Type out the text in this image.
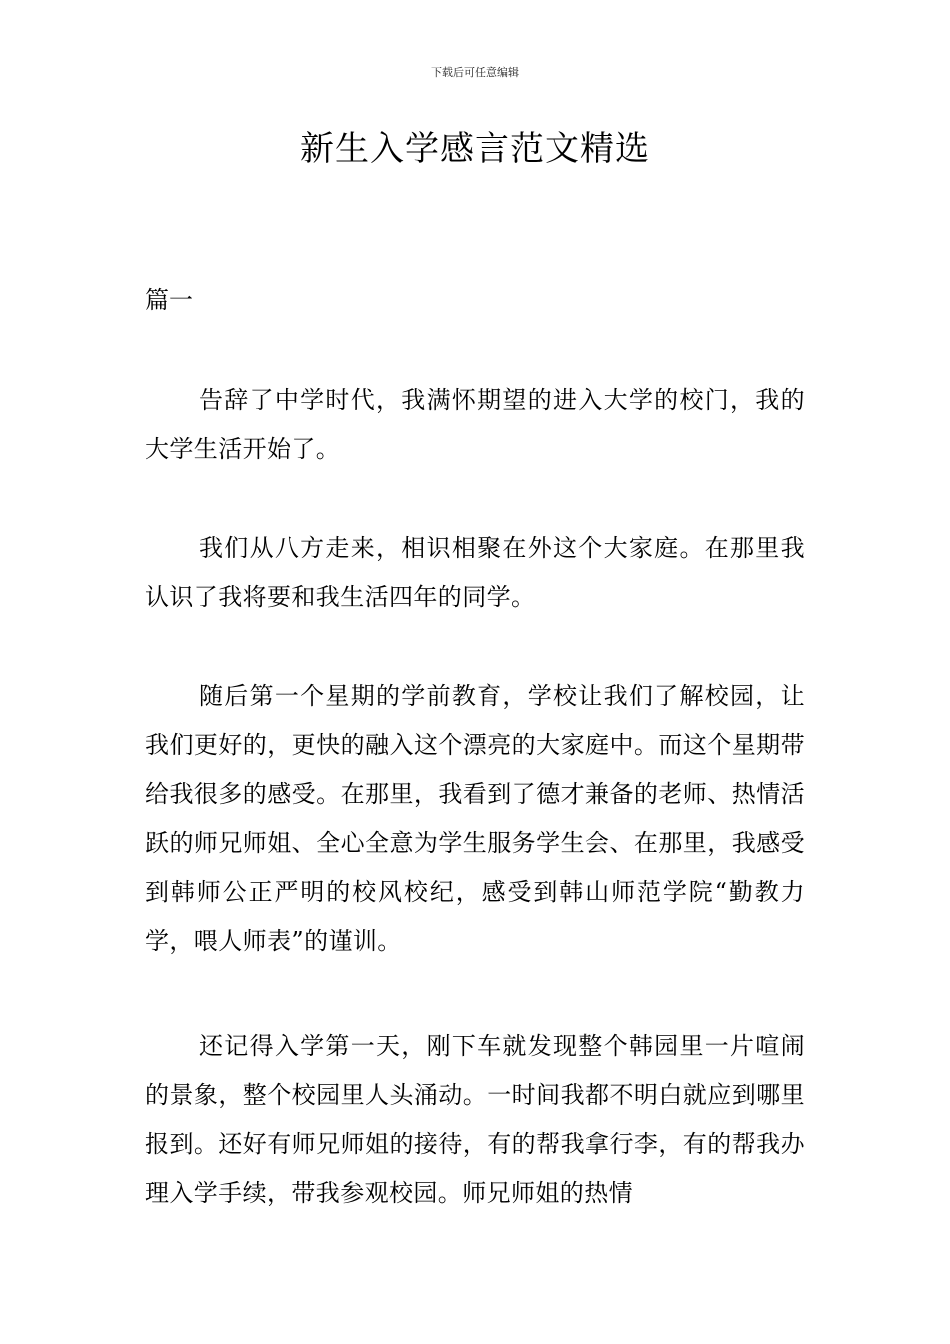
下载后可任意编辑
新生入学感言范文精选
篇一

告辞了中学时代，我满怀期望的进入大学的校门，我的大学生活开始了。

我们从八方走来，相识相聚在外这个大家庭。在那里我认识了我将要和我生活四年的同学。

随后第一个星期的学前教育，学校让我们了解校园，让我们更好的，更快的融入这个漂亮的大家庭中。而这个星期带给我很多的感受。在那里，我看到了德才兼备的老师、热情活跃的师兄师姐、全心全意为学生服务学生会、在那里，我感受到韩师公正严明的校风校纪，感受到韩山师范学院“勤教力学，喂人师表”的谨训。

还记得入学第一天，刚下车就发现整个韩园里一片喧闹的景象，整个校园里人头涌动。一时间我都不明白就应到哪里报到。还好有师兄师姐的接待，有的帮我拿行李，有的帮我办理入学手续，带我参观校园。师兄师姐的热情
